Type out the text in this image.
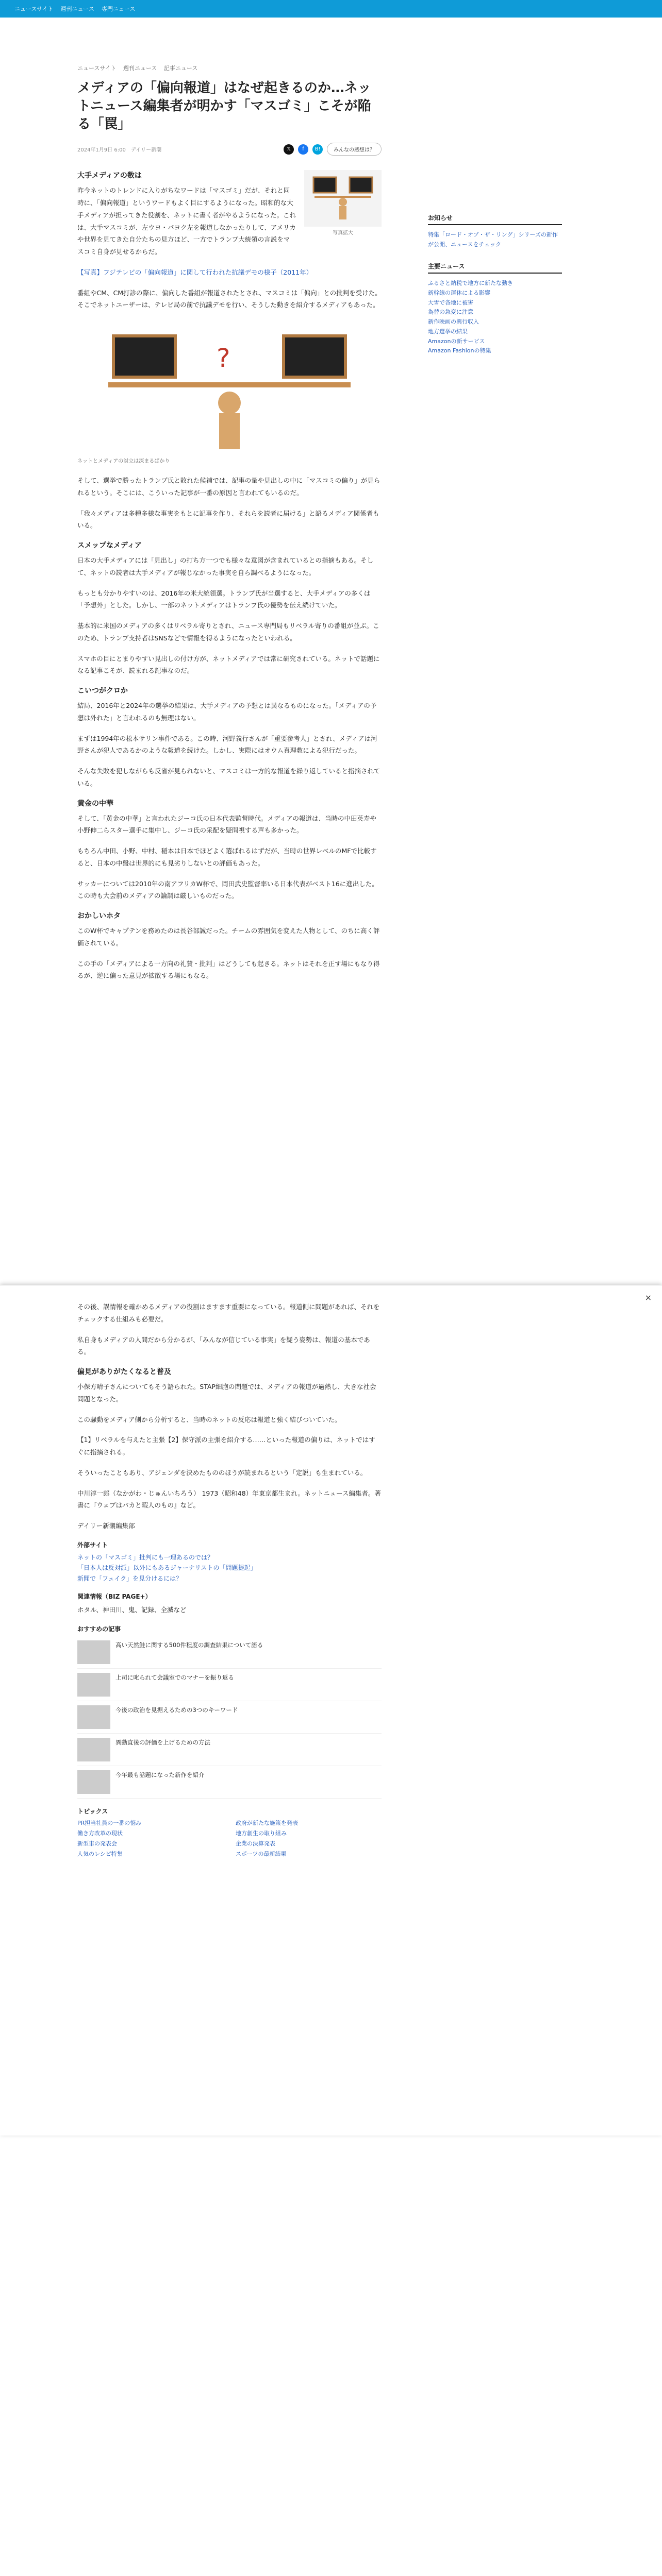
ニュースサイト 週刊ニュース 専門ニュース
ニュースサイト 週刊ニュース 記事ニュース
メディアの「偏向報道」はなぜ起きるのか…ネットニュース編集者が明かす「マスゴミ」こそが陥る「罠」
2024年1月9日 6:00　 デイリー新潮	𝕏	f	B!	みんなの感想は？
写真拡大
大手メディアの数は

昨今ネットのトレンドに入りがちなワードは「マスゴミ」だが、それと同時に、「偏向報道」というワードもよく目にするようになった。昭和的な大手メディアが担ってきた役割を、ネットに書く者がやるようになった。これは、大手マスコミが、左ウヨ・パヨク左を報道しなかったりして、アメリカや世界を見てきた自分たちの見方ほど、一方でトランプ大統領の言説をマスコミ自身が見せるからだ。

【写真】フジテレビの「偏向報道」に関して行われた抗議デモの様子（2011年）

番組やCM、CM打診の際に、偏向した番組が報道されたとされ、マスコミは「偏向」との批判を受けた。そこでネットユーザーは、テレビ局の前で抗議デモを行い、そうした動きを紹介するメディアもあった。

?
ネットとメディアの対立は深まるばかり

そして、選挙で勝ったトランプ氏と敗れた候補では、記事の量や見出しの中に「マスコミの偏り」が見られるという。そこには、こういった記事が一番の原因と言われてもいるのだ。

「我々メディアは多種多様な事実をもとに記事を作り、それらを読者に届ける」と語るメディア関係者もいる。

スメップなメディア

日本の大手メディアには「見出し」の打ち方一つでも様々な意図が含まれているとの指摘もある。そして、ネットの読者は大手メディアが報じなかった事実を自ら調べるようになった。

もっとも分かりやすいのは、2016年の米大統領選。トランプ氏が当選すると、大手メディアの多くは「予想外」とした。しかし、一部のネットメディアはトランプ氏の優勢を伝え続けていた。

基本的に米国のメディアの多くはリベラル寄りとされ、ニュース専門局もリベラル寄りの番組が並ぶ。このため、トランプ支持者はSNSなどで情報を得るようになったといわれる。

スマホの目にとまりやすい見出しの付け方が、ネットメディアでは常に研究されている。ネットで話題になる記事こそが、読まれる記事なのだ。

こいつがクロか

結局、2016年と2024年の選挙の結果は、大手メディアの予想とは異なるものになった。「メディアの予想は外れた」と言われるのも無理はない。

まずは1994年の松本サリン事件である。この時、河野義行さんが「重要参考人」とされ、メディアは河野さんが犯人であるかのような報道を続けた。しかし、実際にはオウム真理教による犯行だった。

そんな失敗を犯しながらも反省が見られないと、マスコミは一方的な報道を繰り返していると指摘されている。

黄金の中華

そして、「黄金の中華」と言われたジーコ氏の日本代表監督時代。メディアの報道は、当時の中田英寿や小野伸二らスター選手に集中し、ジーコ氏の采配を疑問視する声も多かった。

もちろん中田、小野、中村、稲本は日本でほどよく選ばれるはずだが、当時の世界レベルのMFで比較すると、日本の中盤は世界的にも見劣りしないとの評価もあった。

サッカーについては2010年の南アフリカW杯で、岡田武史監督率いる日本代表がベスト16に進出した。この時も大会前のメディアの論調は厳しいものだった。

おかしいホタ

このW杯でキャプテンを務めたのは長谷部誠だった。チームの雰囲気を変えた人物として、のちに高く評価されている。

この手の「メディアによる一方向の礼賛・批判」はどうしても起きる。ネットはそれを正す場にもなり得るが、逆に偏った意見が拡散する場にもなる。

お知らせ
特集「ロード・オブ・ザ・リング」シリーズの新作が公開、ニュースをチェック
主要ニュース
ふるさと納税で地方に新たな動き
新幹線の運休による影響
大雪で各地に被害
為替の急変に注意
新作映画の興行収入
地方選挙の結果
Amazonの新サービス
Amazon Fashionの特集
×

その後、誤情報を確かめるメディアの役割はますます重要になっている。報道側に問題があれば、それをチェックする仕組みも必要だ。

私自身もメディアの人間だから分かるが、「みんなが信じている事実」を疑う姿勢は、報道の基本である。

偏見がありがたくなると普及

小保方晴子さんについてもそう語られた。STAP細胞の問題では、メディアの報道が過熱し、大きな社会問題となった。

この騒動をメディア側から分析すると、当時のネットの反応は報道と強く結びついていた。

【1】リベラルを与えたと主張【2】保守派の主張を紹介する……といった報道の偏りは、ネットではすぐに指摘される。

そういったこともあり、アジェンダを決めたもののほうが読まれるという「定説」も生まれている。

中川淳一郎（なかがわ・じゅんいちろう） 1973（昭和48）年東京都生まれ。ネットニュース編集者。著書に『ウェブはバカと暇人のもの』など。

デイリー新潮編集部

外部サイト
ネットの「マスゴミ」批判にも一理あるのでは？
「日本人は反対派」以外にもあるジャーナリストの「問題提起」
新聞で「フェイク」を見分けるには？
関連情報（BIZ PAGE+）

ホタル、神田川、鬼、記録、全滅など

おすすめの記事
高い天然鮭に関する500件程度の調査結果について語る
上司に叱られて会議室でのマナーを振り返る
今後の政治を見据えるための3つのキーワード
異動直後の評価を上げるための方法
今年最も話題になった新作を紹介
トピックス
PR担当社員の一番の悩み	政府が新たな施策を発表
働き方改革の現状	地方創生の取り組み
新型車の発表会	企業の決算発表
人気のレシピ特集	スポーツの最新結果
